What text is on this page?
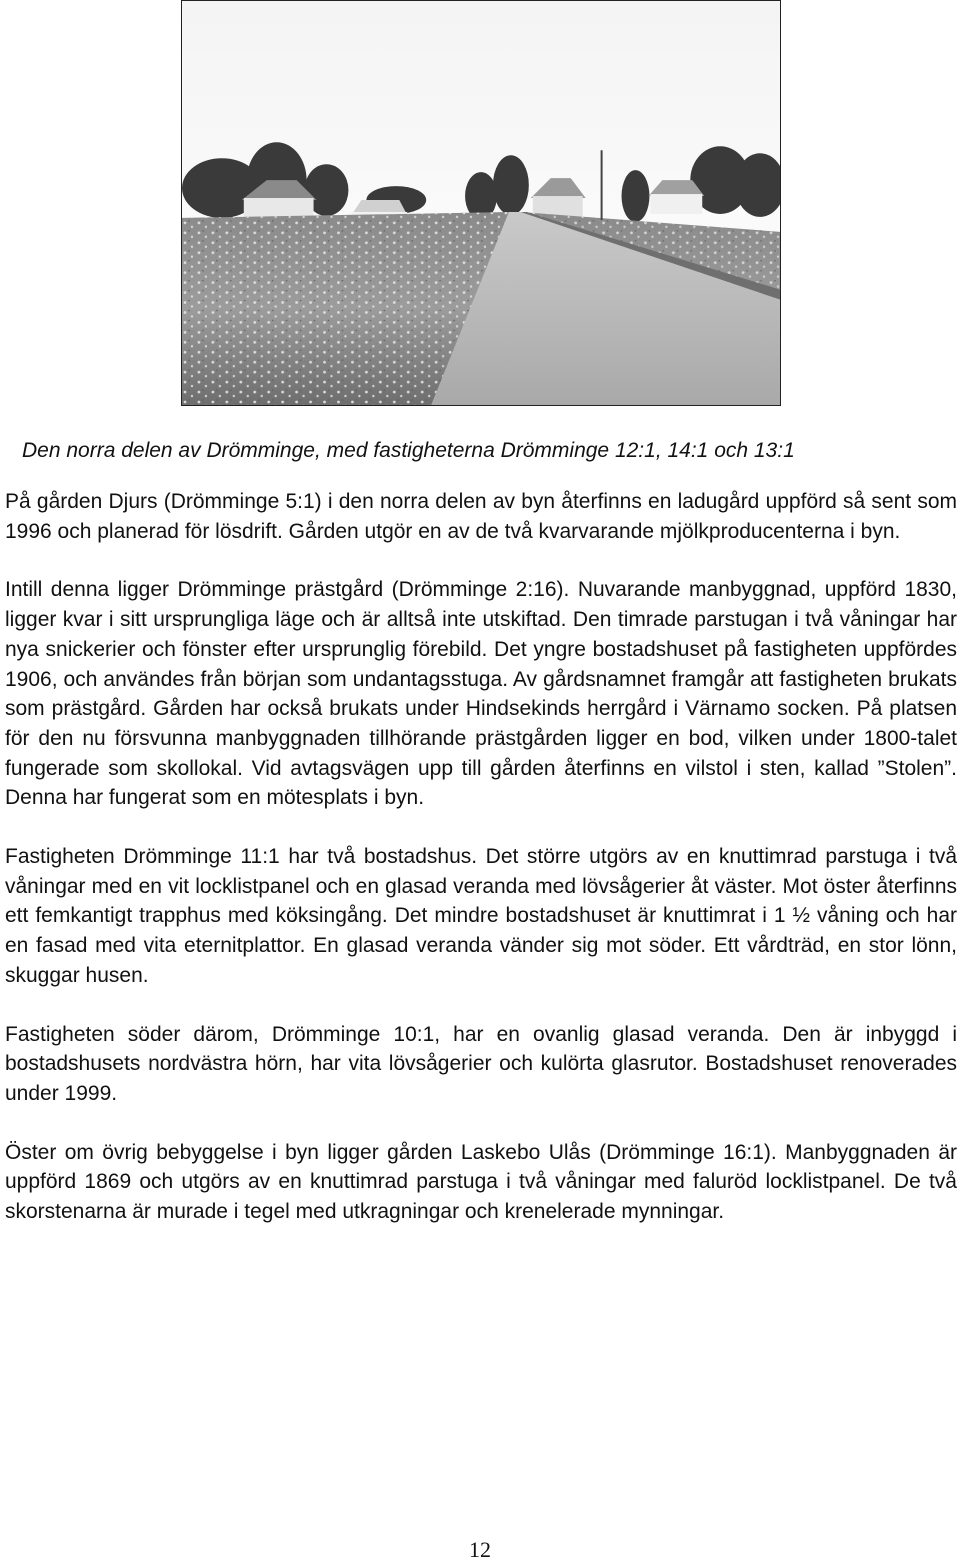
Den norra delen av Drömminge, med fastigheterna Drömminge 12:1, 14:1 och 13:1

På gården Djurs (Drömminge 5:1) i den norra delen av byn återfinns en ladugård uppförd så sent som 1996 och planerad för lösdrift. Gården utgör en av de två kvarvarande mjölkproducenterna i byn.

Intill denna ligger Drömminge prästgård (Drömminge 2:16). Nuvarande manbyggnad, uppförd 1830, ligger kvar i sitt ursprungliga läge och är alltså inte utskiftad. Den timrade parstugan i två våningar har nya snickerier och fönster efter ursprunglig förebild. Det yngre bostadshuset på fastigheten uppfördes 1906, och användes från början som undantagsstuga. Av gårdsnamnet framgår att fastigheten brukats som prästgård. Gården har också brukats under Hindsekinds herrgård i Värnamo socken. På platsen för den nu försvunna manbyggnaden tillhörande prästgården ligger en bod, vilken under 1800-talet fungerade som skollokal. Vid avtagsvägen upp till gården återfinns en vilstol i sten, kallad ”Stolen”. Denna har fungerat som en mötesplats i byn.

Fastigheten Drömminge 11:1 har två bostadshus. Det större utgörs av en knuttimrad parstuga i två våningar med en vit locklistpanel och en glasad veranda med lövsågerier åt väster. Mot öster återfinns ett femkantigt trapphus med köksingång. Det mindre bostadshuset är knuttimrat i 1 ½ våning och har en fasad med vita eternitplattor. En glasad veranda vänder sig mot söder. Ett vårdträd, en stor lönn, skuggar husen.

Fastigheten söder därom, Drömminge 10:1, har en ovanlig glasad veranda. Den är inbyggd i bostadshusets nordvästra hörn, har vita lövsågerier och kulörta glasrutor. Bostadshuset renoverades under 1999.

Öster om övrig bebyggelse i byn ligger gården Laskebo Ulås (Drömminge 16:1). Manbyggnaden är uppförd 1869 och utgörs av en knuttimrad parstuga i två våningar med faluröd locklistpanel. De två skorstenarna är murade i tegel med utkragningar och krenelerade mynningar.

12
